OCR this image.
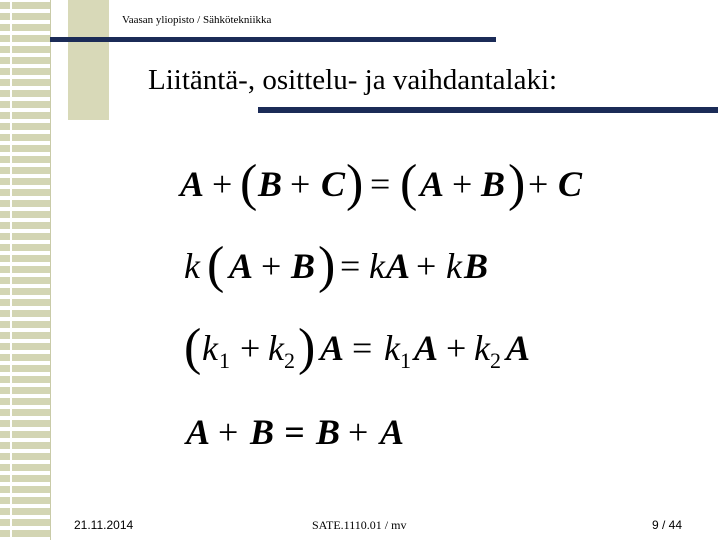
Vaasan yliopisto / Sähkötekniikka
Liitäntä-, osittelu- ja vaihdantalaki:
A + ( B + C ) = ( A + B ) + C
k ( A + B ) = k A + k B
( k 1 + k 2 ) A = k 1 A + k 2 A
A + B = B + A
21.11.2014	SATE.1110.01 / mv	9 / 44
